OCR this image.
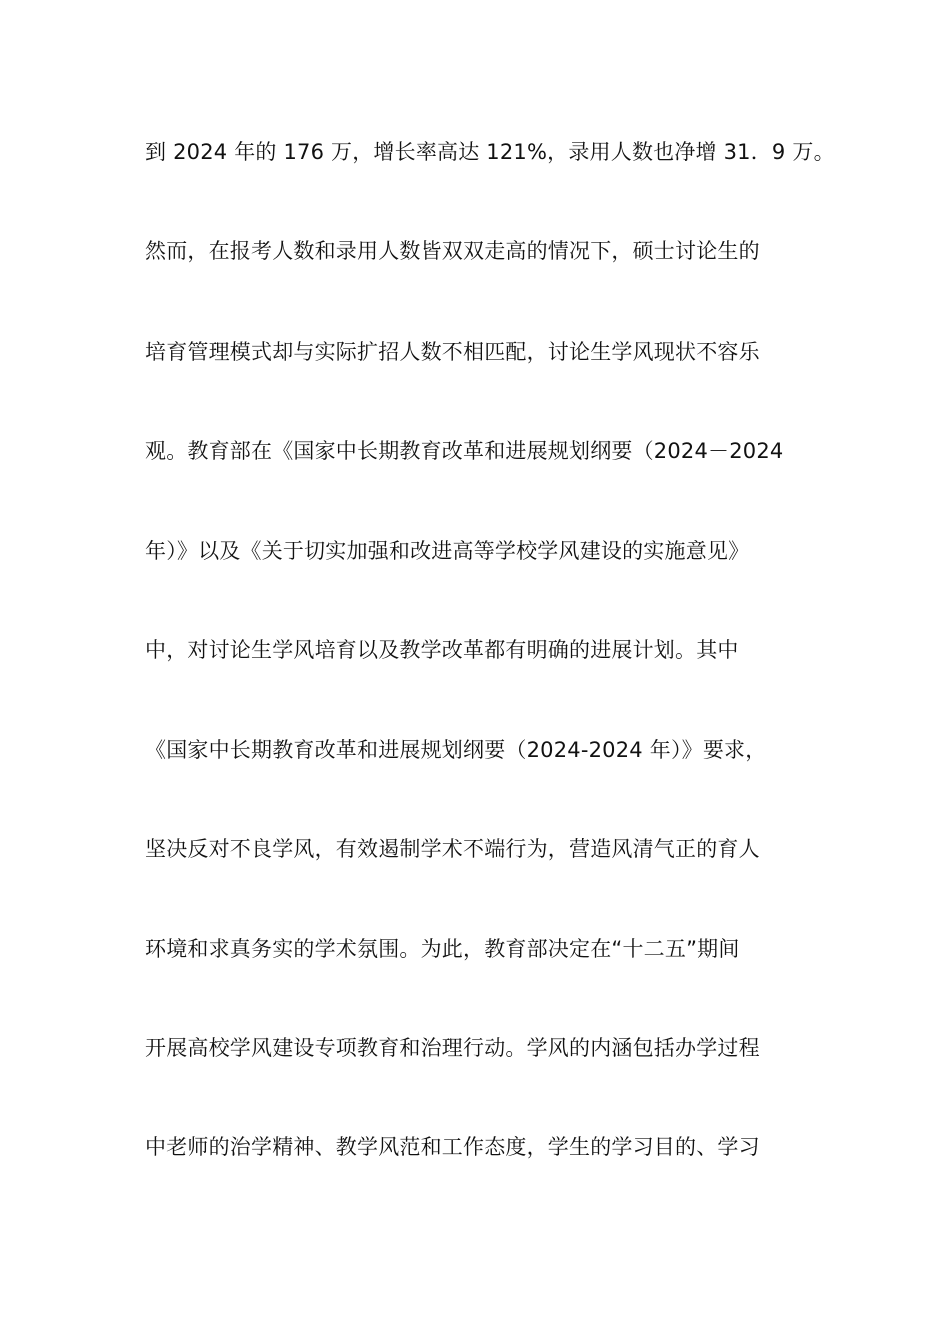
到 2024 年的 176 万，增长率高达 121%，录用人数也净增 31．9 万。
然而，在报考人数和录用人数皆双双走高的情况下，硕士讨论生的
培育管理模式却与实际扩招人数不相匹配，讨论生学风现状不容乐
观。教育部在《国家中长期教育改革和进展规划纲要（2024－2024
年）》以及《关于切实加强和改进高等学校学风建设的实施意见》
中，对讨论生学风培育以及教学改革都有明确的进展计划。其中
《国家中长期教育改革和进展规划纲要（2024-2024 年）》要求，
坚决反对不良学风，有效遏制学术不端行为，营造风清气正的育人
环境和求真务实的学术氛围。为此，教育部决定在“十二五”期间
开展高校学风建设专项教育和治理行动。学风的内涵包括办学过程
中老师的治学精神、教学风范和工作态度，学生的学习目的、学习
